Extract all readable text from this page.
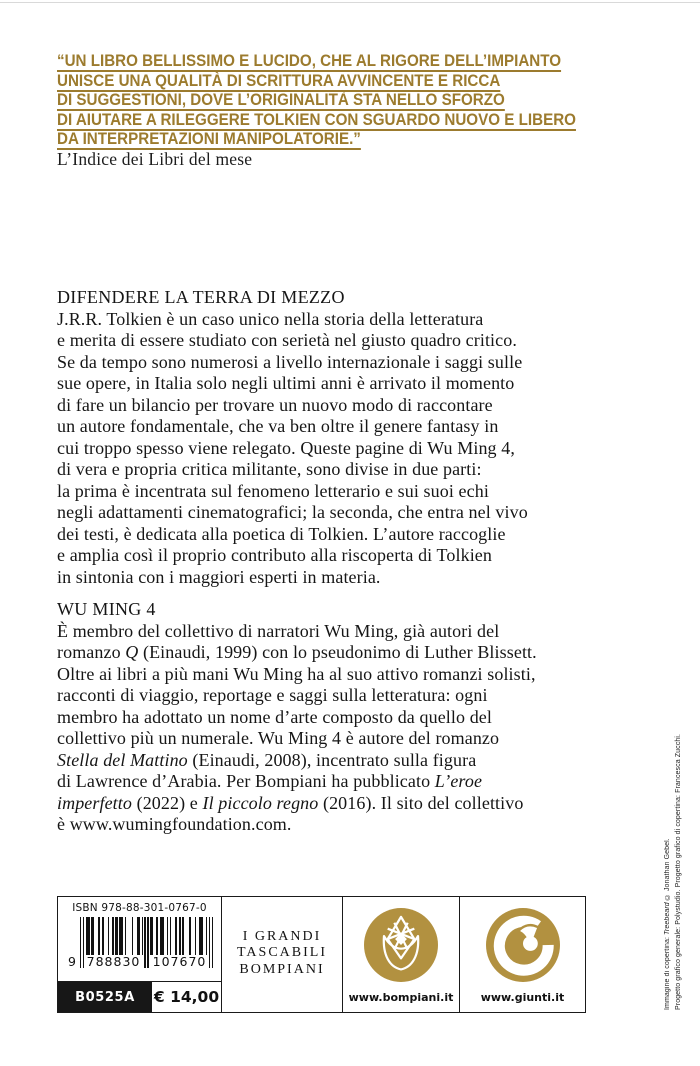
“UN LIBRO BELLISSIMO E LUCIDO, CHE AL RIGORE DELL’IMPIANTO
UNISCE UNA QUALITÀ DI SCRITTURA AVVINCENTE E RICCA
DI SUGGESTIONI, DOVE L’ORIGINALITÀ STA NELLO SFORZO
DI AIUTARE A RILEGGERE TOLKIEN CON SGUARDO NUOVO E LIBERO
DA INTERPRETAZIONI MANIPOLATORIE.”
L’Indice dei Libri del mese
DIFENDERE LA TERRA DI MEZZO
J.R.R. Tolkien è un caso unico nella storia della letteratura
e merita di essere studiato con serietà nel giusto quadro critico.
Se da tempo sono numerosi a livello internazionale i saggi sulle
sue opere, in Italia solo negli ultimi anni è arrivato il momento
di fare un bilancio per trovare un nuovo modo di raccontare
un autore fondamentale, che va ben oltre il genere fantasy in
cui troppo spesso viene relegato. Queste pagine di Wu Ming 4,
di vera e propria critica militante, sono divise in due parti:
la prima è incentrata sul fenomeno letterario e sui suoi echi
negli adattamenti cinematografici; la seconda, che entra nel vivo
dei testi, è dedicata alla poetica di Tolkien. L’autore raccoglie
e amplia così il proprio contributo alla riscoperta di Tolkien
in sintonia con i maggiori esperti in materia.
WU MING 4
È membro del collettivo di narratori Wu Ming, già autori del
romanzo Q (Einaudi, 1999) con lo pseudonimo di Luther Blissett.
Oltre ai libri a più mani Wu Ming ha al suo attivo romanzi solisti,
racconti di viaggio, reportage e saggi sulla letteratura: ogni
membro ha adottato un nome d’arte composto da quello del
collettivo più un numerale. Wu Ming 4 è autore del romanzo
Stella del Mattino (Einaudi, 2008), incentrato sulla figura
di Lawrence d’Arabia. Per Bompiani ha pubblicato L’eroe
imperfetto (2022) e Il piccolo regno (2016). Il sito del collettivo
è www.wumingfoundation.com.
ISBN 978-88-301-0767-0
9 788830 107670
B0525A	€ 14,00
I GRANDI
TASCABILI
BOMPIANI
www.bompiani.it	www.giunti.it	Immagine di copertina: Treebeard © Jonathan Gebel. Progetto grafico generale: Polystudio. Progetto grafico di copertina: Francesca Zucchi.
